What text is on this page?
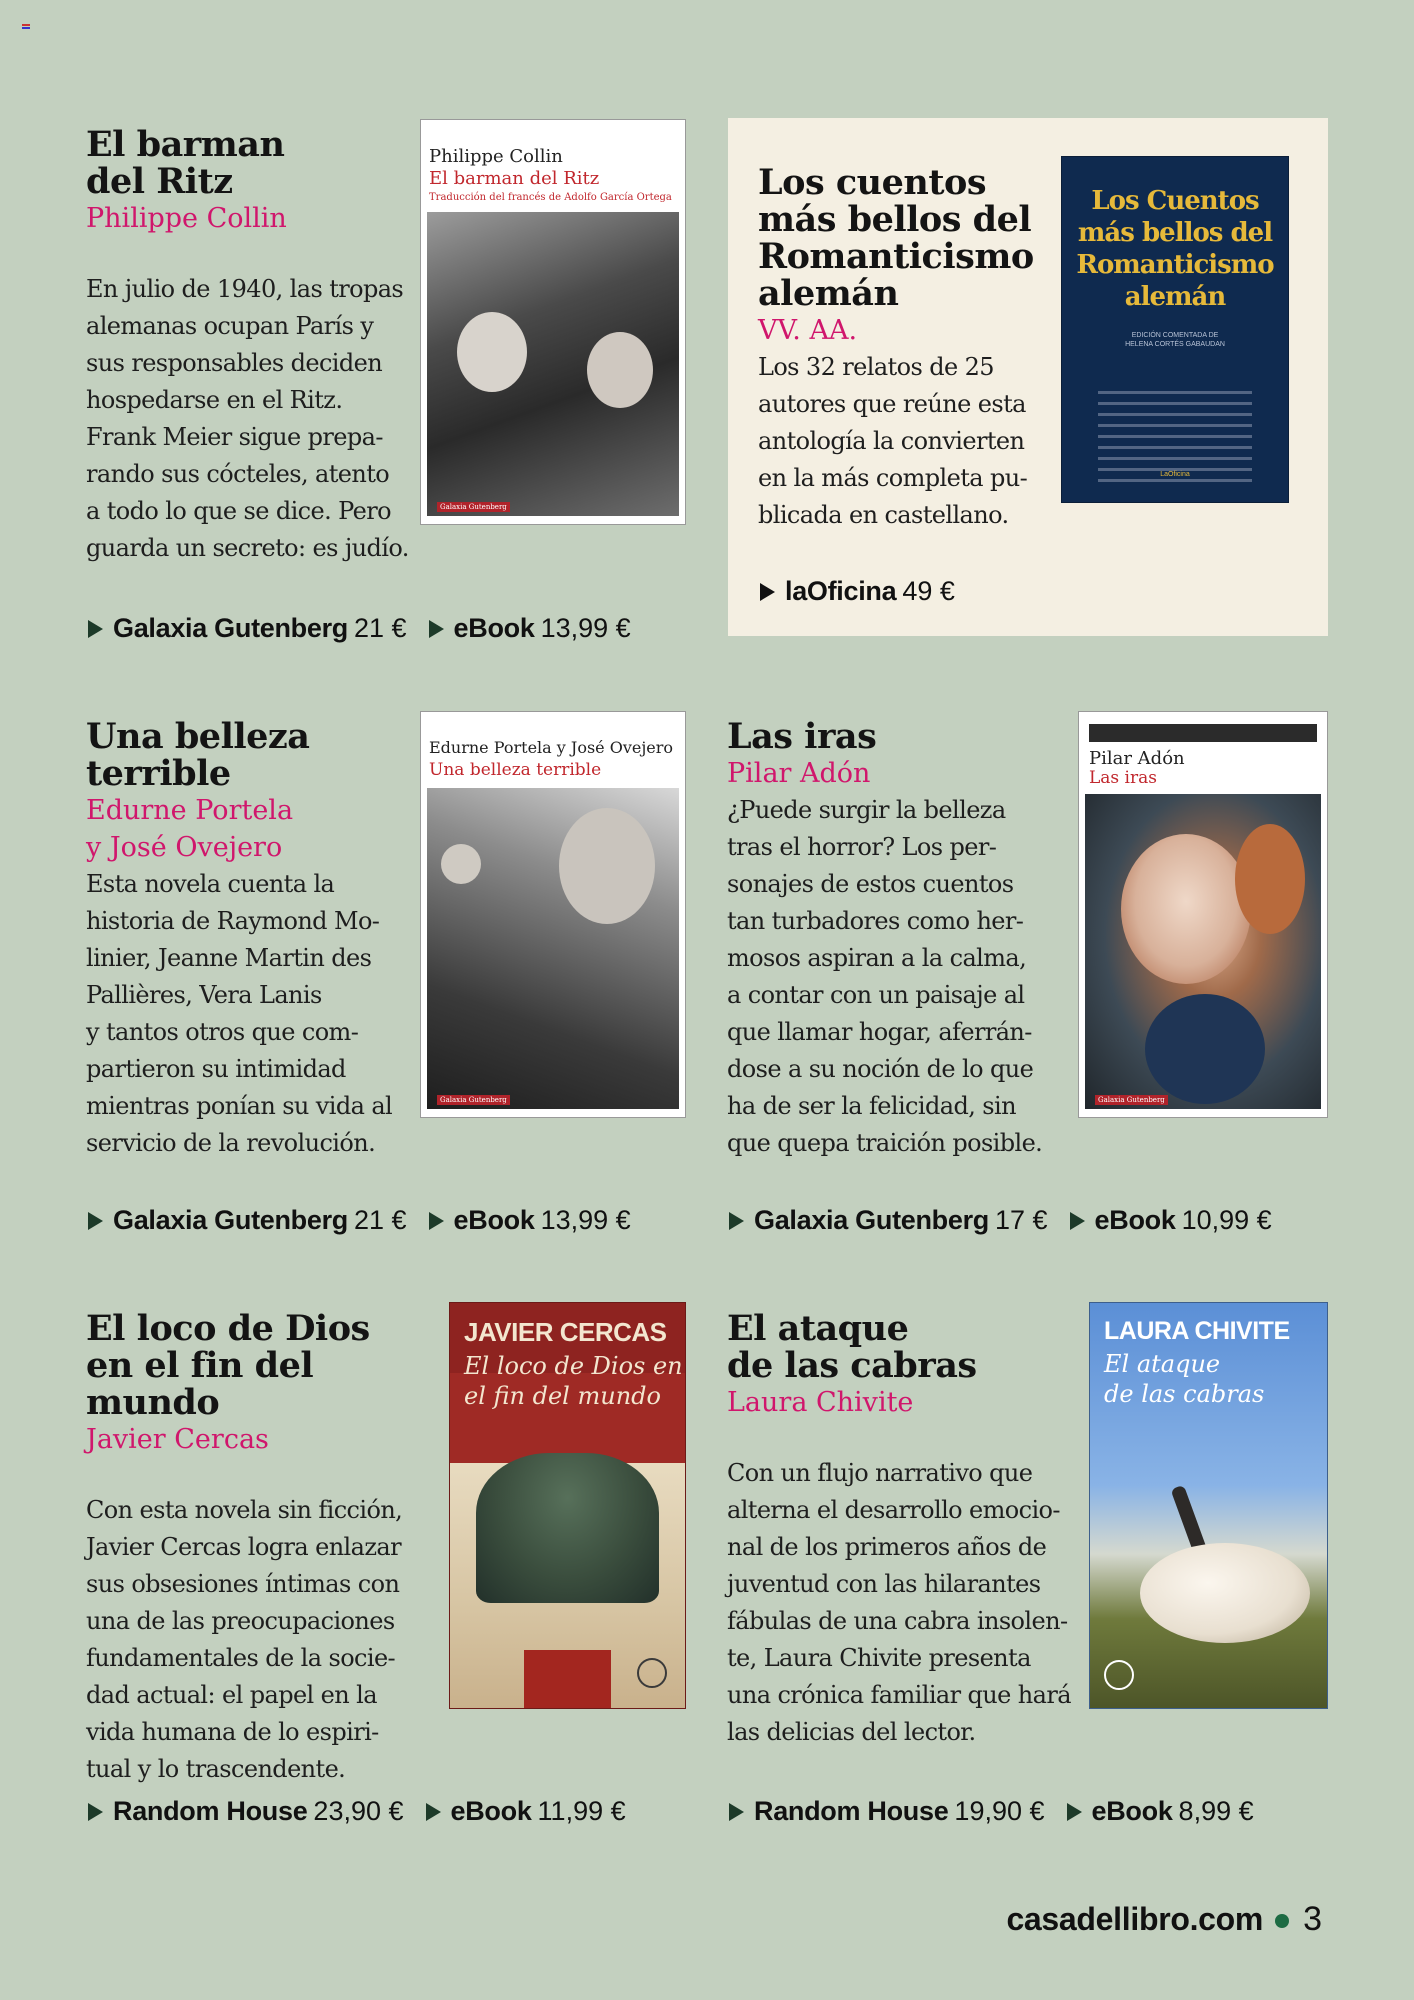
El barman
del Ritz
Philippe Collin
En julio de 1940, las tropas
alemanas ocupan París y
sus responsables deciden
hospedarse en el Ritz.
Frank Meier sigue prepa-
rando sus cócteles, atento
a todo lo que se dice. Pero
guarda un secreto: es judío.
Philippe Collin
El barman del Ritz
Traducción del francés de Adolfo García Ortega
Galaxia Gutenberg
Galaxia Gutenberg 21 € eBook 13,99 €
Los cuentos
más bellos del
Romanticismo
alemán
VV. AA.
Los 32 relatos de 25
autores que reúne esta
antología la convierten
en la más completa pu-
blicada en castellano.
Los Cuentos
más bellos del
Romanticismo
alemán
EDICIÓN COMENTADA DE
HELENA CORTÉS GABAUDAN
LaOficina
laOficina 49 €
Una belleza
terrible
Edurne Portela
y José Ovejero
Esta novela cuenta la
historia de Raymond Mo-
linier, Jeanne Martin des
Pallières, Vera Lanis
y tantos otros que com-
partieron su intimidad
mientras ponían su vida al
servicio de la revolución.
Edurne Portela y José Ovejero
Una belleza terrible
Galaxia Gutenberg
Galaxia Gutenberg 21 € eBook 13,99 €
Las iras
Pilar Adón
¿Puede surgir la belleza
tras el horror? Los per-
sonajes de estos cuentos
tan turbadores como her-
mosos aspiran a la calma,
a contar con un paisaje al
que llamar hogar, aferrán-
dose a su noción de lo que
ha de ser la felicidad, sin
que quepa traición posible.
Pilar Adón
Las iras
Galaxia Gutenberg
Galaxia Gutenberg 17 € eBook 10,99 €
El loco de Dios
en el fin del mundo
Javier Cercas
Con esta novela sin ficción,
Javier Cercas logra enlazar
sus obsesiones íntimas con
una de las preocupaciones
fundamentales de la socie-
dad actual: el papel en la
vida humana de lo espiri-
tual y lo trascendente.
JAVIER CERCAS
El loco de Dios en
el fin del mundo
Random House 23,90 € eBook 11,99 €
El ataque
de las cabras
Laura Chivite
Con un flujo narrativo que
alterna el desarrollo emocio-
nal de los primeros años de
juventud con las hilarantes
fábulas de una cabra insolen-
te, Laura Chivite presenta
una crónica familiar que hará
las delicias del lector.
LAURA CHIVITE
El ataque
de las cabras
Random House 19,90 € eBook 8,99 €
casadellibro.com 3
